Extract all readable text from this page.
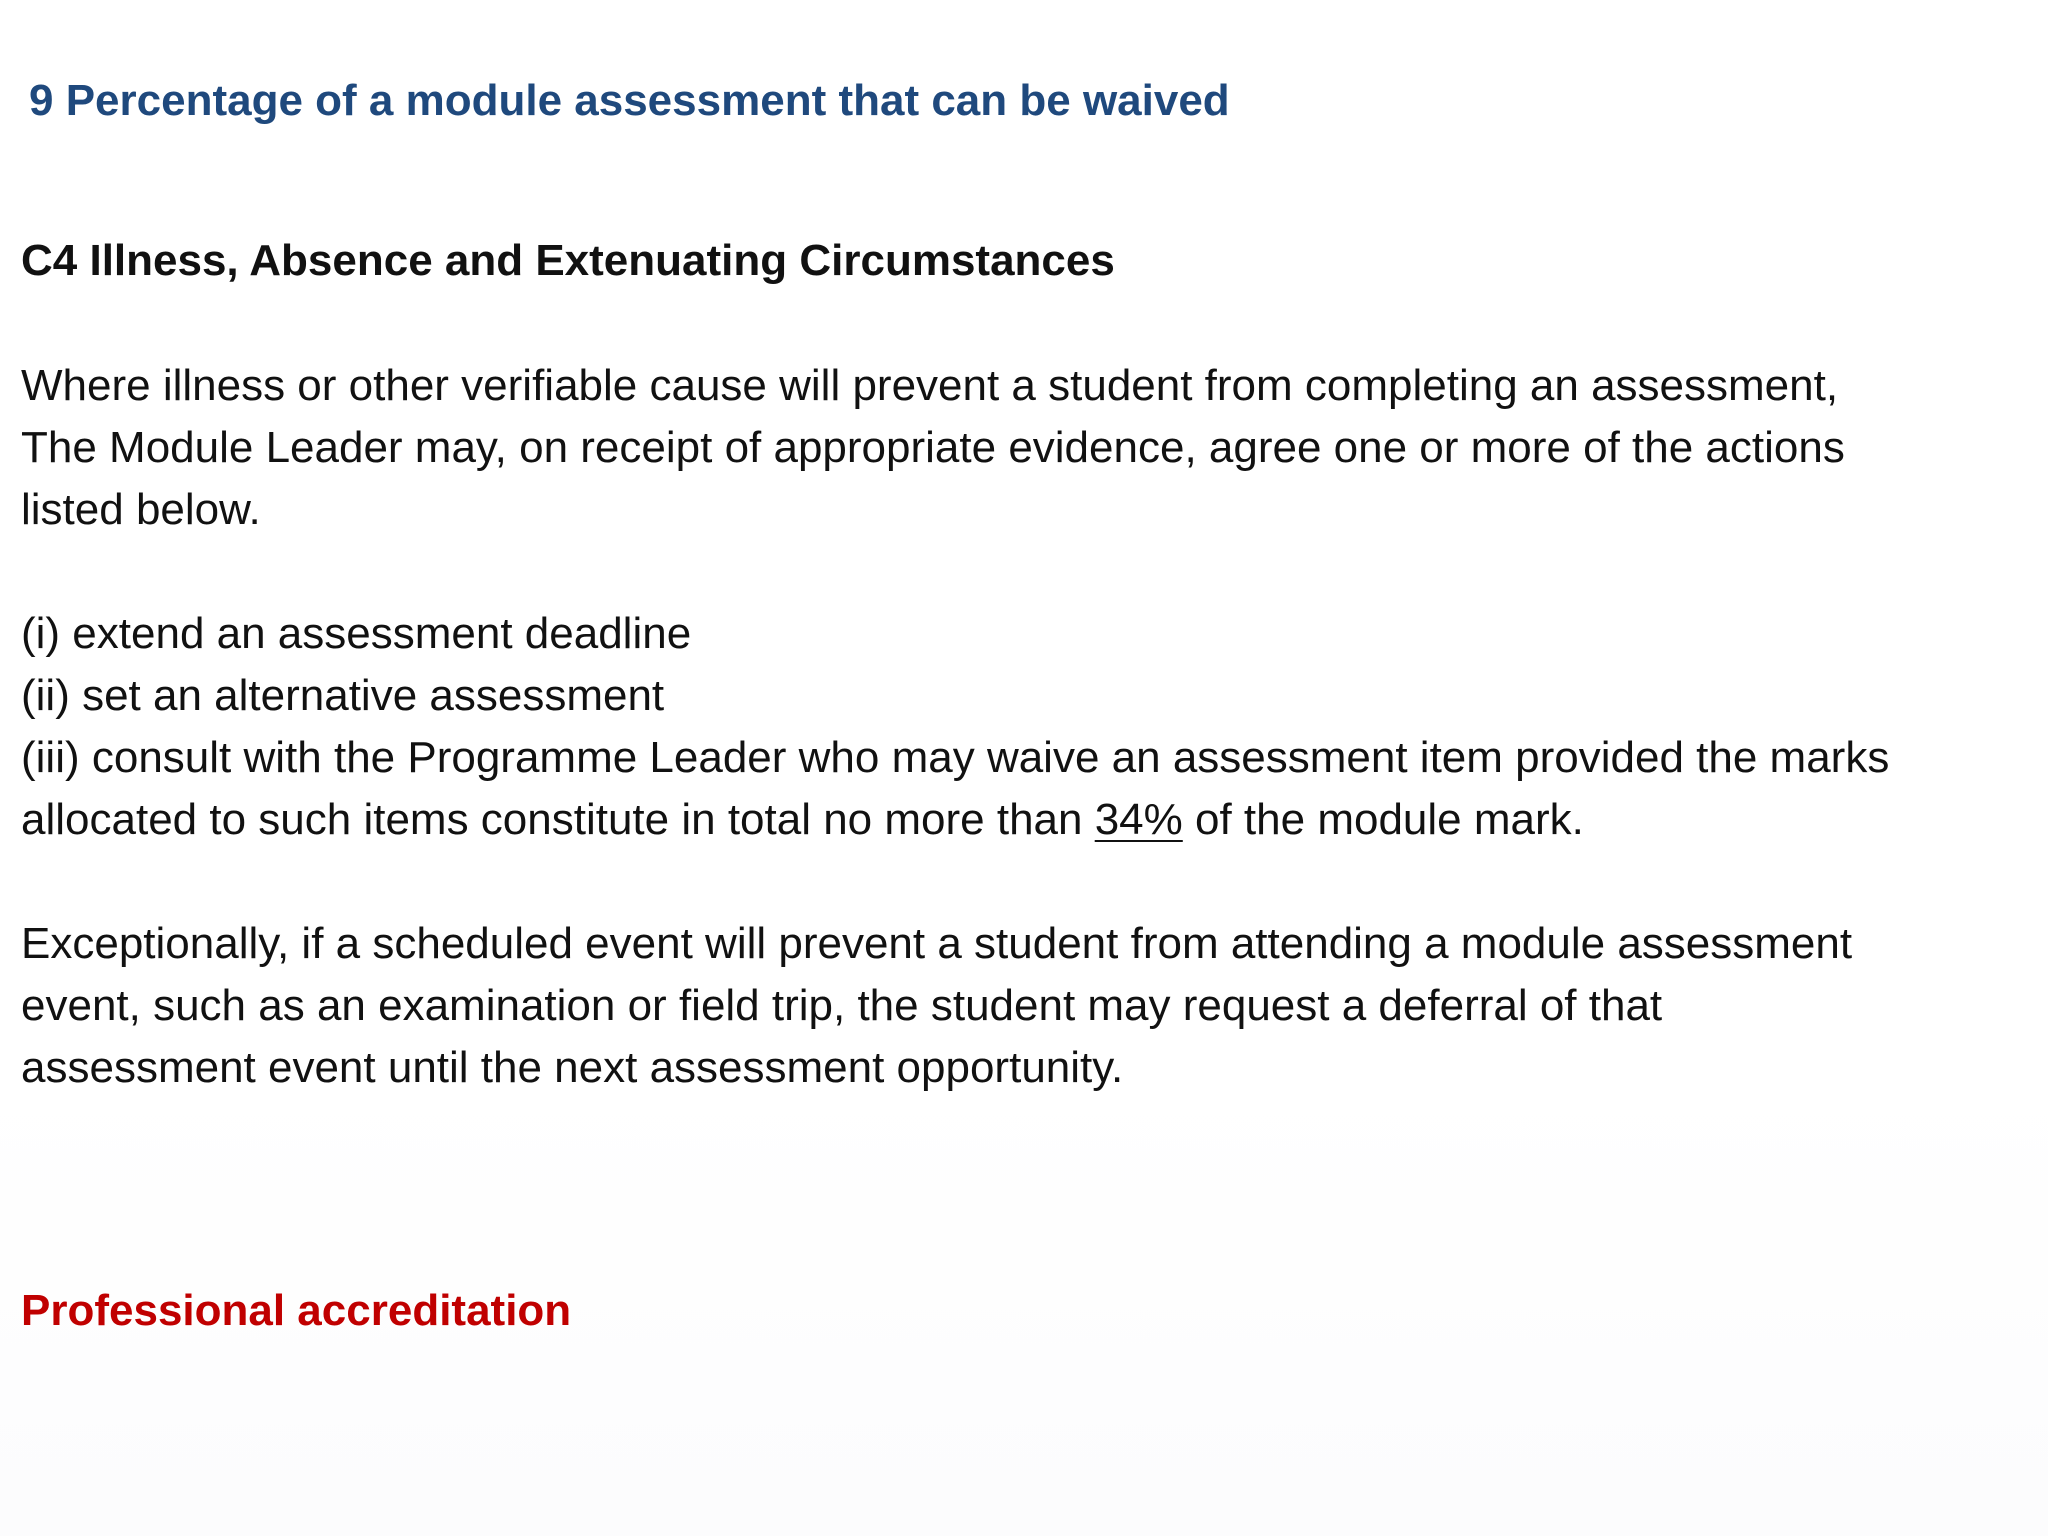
9 Percentage of a module assessment that can be waived
C4 Illness, Absence and Extenuating Circumstances

Where illness or other verifiable cause will prevent a student from completing an assessment,
The Module Leader may, on receipt of appropriate evidence, agree one or more of the actions
listed below.

(i) extend an assessment deadline
(ii) set an alternative assessment
(iii) consult with the Programme Leader who may waive an assessment item provided the marks
allocated to such items constitute in total no more than 34% of the module mark.

Exceptionally, if a scheduled event will prevent a student from attending a module assessment
event, such as an examination or field trip, the student may request a deferral of that
assessment event until the next assessment opportunity.

Professional accreditation
